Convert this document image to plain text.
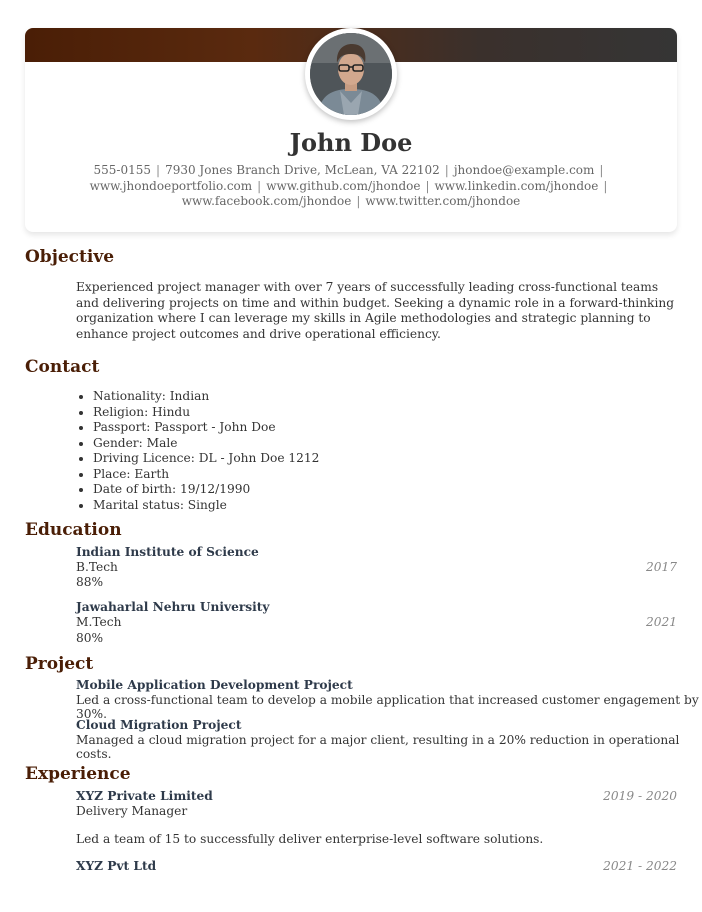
John Doe
555-0155 | 7930 Jones Branch Drive, McLean, VA 22102 | jhondoe@example.com |
www.jhondoeportfolio.com | www.github.com/jhondoe | www.linkedin.com/jhondoe |
www.facebook.com/jhondoe | www.twitter.com/jhondoe
Objective

Experienced project manager with over 7 years of successfully leading cross-functional teams and delivering projects on time and within budget. Seeking a dynamic role in a forward-thinking organization where I can leverage my skills in Agile methodologies and strategic planning to enhance project outcomes and drive operational efficiency.

Contact
• Nationality: Indian
• Religion: Hindu
• Passport: Passport - John Doe
• Gender: Male
• Driving Licence: DL - John Doe 1212
• Place: Earth
• Date of birth: 19/12/1990
• Marital status: Single
Education
Indian Institute of Science
B.Tech	2017
88%
Jawaharlal Nehru University
M.Tech	2021
80%
Project
Mobile Application Development Project
Led a cross-functional team to develop a mobile application that increased customer engagement by 30%.
Cloud Migration Project
Managed a cloud migration project for a major client, resulting in a 20% reduction in operational costs.
Experience
XYZ Private Limited	2019 - 2020
Delivery Manager
Led a team of 15 to successfully deliver enterprise-level software solutions.
XYZ Pvt Ltd	2021 - 2022
